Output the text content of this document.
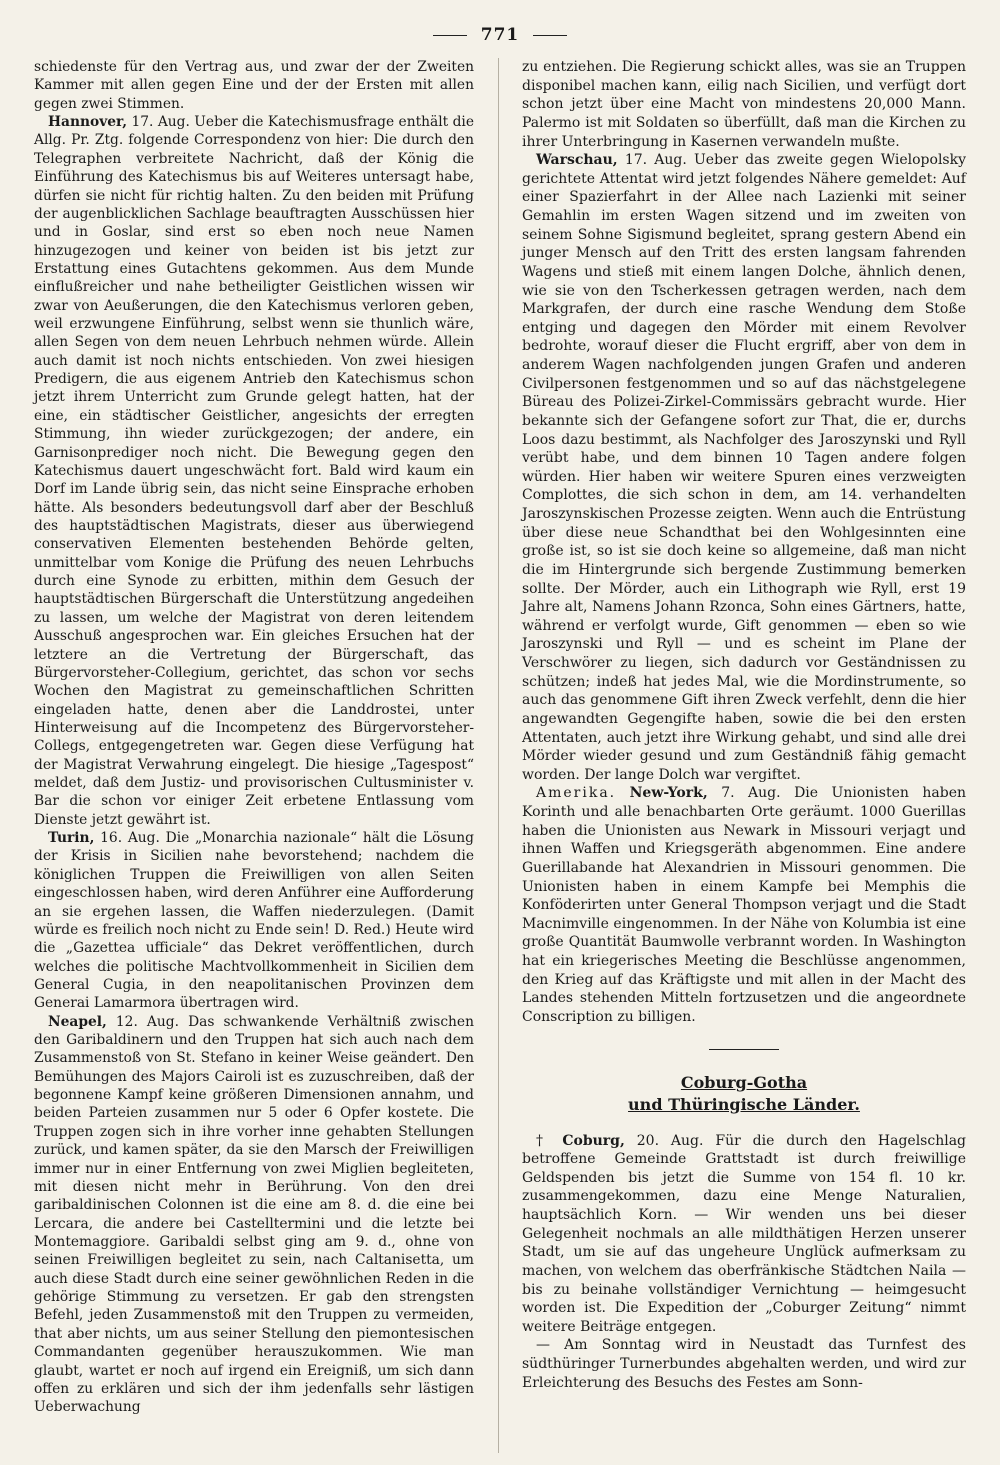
771

schiedenste für den Vertrag aus, und zwar der der Zweiten Kammer mit allen gegen Eine und der der Ersten mit allen gegen zwei Stimmen.

Hannover, 17. Aug. Ueber die Katechismusfrage enthält die Allg. Pr. Ztg. folgende Correspondenz von hier: Die durch den Telegraphen verbreitete Nachricht, daß der König die Einführung des Katechismus bis auf Weiteres untersagt habe, dürfen sie nicht für richtig halten. Zu den beiden mit Prüfung der augenblicklichen Sachlage beauftragten Ausschüssen hier und in Goslar, sind erst so eben noch neue Namen hinzugezogen und keiner von beiden ist bis jetzt zur Erstattung eines Gutachtens gekommen. Aus dem Munde einflußreicher und nahe betheiligter Geistlichen wissen wir zwar von Aeußerungen, die den Katechismus verloren geben, weil erzwungene Einführung, selbst wenn sie thunlich wäre, allen Segen von dem neuen Lehrbuch nehmen würde. Allein auch damit ist noch nichts entschieden. Von zwei hiesigen Predigern, die aus eigenem Antrieb den Katechismus schon jetzt ihrem Unterricht zum Grunde gelegt hatten, hat der eine, ein städtischer Geistlicher, angesichts der erregten Stimmung, ihn wieder zurückgezogen; der andere, ein Garnisonprediger noch nicht. Die Bewegung gegen den Katechismus dauert ungeschwächt fort. Bald wird kaum ein Dorf im Lande übrig sein, das nicht seine Einsprache erhoben hätte. Als besonders bedeutungsvoll darf aber der Beschluß des hauptstädtischen Magistrats, dieser aus überwiegend conservativen Elementen bestehenden Behörde gelten, unmittelbar vom Konige die Prüfung des neuen Lehrbuchs durch eine Synode zu erbitten, mithin dem Gesuch der hauptstädtischen Bürgerschaft die Unterstützung angedeihen zu lassen, um welche der Magistrat von deren leitendem Ausschuß angesprochen war. Ein gleiches Ersuchen hat der letztere an die Vertretung der Bürgerschaft, das Bürgervorsteher-Collegium, gerichtet, das schon vor sechs Wochen den Magistrat zu gemeinschaftlichen Schritten eingeladen hatte, denen aber die Landdrostei, unter Hinterweisung auf die Incompetenz des Bürgervorsteher-Collegs, entgegengetreten war. Gegen diese Verfügung hat der Magistrat Verwahrung eingelegt. Die hiesige „Tagespost“ meldet, daß dem Justiz- und provisorischen Cultusminister v. Bar die schon vor einiger Zeit erbetene Entlassung vom Dienste jetzt gewährt ist.

Turin, 16. Aug. Die „Monarchia nazionale“ hält die Lösung der Krisis in Sicilien nahe bevorstehend; nachdem die königlichen Truppen die Freiwilligen von allen Seiten eingeschlossen haben, wird deren Anführer eine Aufforderung an sie ergehen lassen, die Waffen niederzulegen. (Damit würde es freilich noch nicht zu Ende sein! D. Red.) Heute wird die „Gazettea ufficiale“ das Dekret veröffentlichen, durch welches die politische Machtvollkommenheit in Sicilien dem General Cugia, in den neapolitanischen Provinzen dem Generai Lamarmora übertragen wird.

Neapel, 12. Aug. Das schwankende Verhältniß zwischen den Garibaldinern und den Truppen hat sich auch nach dem Zusammenstoß von St. Stefano in keiner Weise geändert. Den Bemühungen des Majors Cairoli ist es zuzuschreiben, daß der begonnene Kampf keine größeren Dimensionen annahm, und beiden Parteien zusammen nur 5 oder 6 Opfer kostete. Die Truppen zogen sich in ihre vorher inne gehabten Stellungen zurück, und kamen später, da sie den Marsch der Freiwilligen immer nur in einer Entfernung von zwei Miglien begleiteten, mit diesen nicht mehr in Berührung. Von den drei garibaldinischen Colonnen ist die eine am 8. d. die eine bei Lercara, die andere bei Castelltermini und die letzte bei Montemaggiore. Garibaldi selbst ging am 9. d., ohne von seinen Freiwilligen begleitet zu sein, nach Caltanisetta, um auch diese Stadt durch eine seiner gewöhnlichen Reden in die gehörige Stimmung zu versetzen. Er gab den strengsten Befehl, jeden Zusammenstoß mit den Truppen zu vermeiden, that aber nichts, um aus seiner Stellung den piemontesischen Commandanten gegenüber herauszukommen. Wie man glaubt, wartet er noch auf irgend ein Ereigniß, um sich dann offen zu erklären und sich der ihm jedenfalls sehr lästigen Ueberwachung

zu entziehen. Die Regierung schickt alles, was sie an Truppen disponibel machen kann, eilig nach Sicilien, und verfügt dort schon jetzt über eine Macht von mindestens 20,000 Mann. Palermo ist mit Soldaten so überfüllt, daß man die Kirchen zu ihrer Unterbringung in Kasernen verwandeln mußte.

Warschau, 17. Aug. Ueber das zweite gegen Wielopolsky gerichtete Attentat wird jetzt folgendes Nähere gemeldet: Auf einer Spazierfahrt in der Allee nach Lazienki mit seiner Gemahlin im ersten Wagen sitzend und im zweiten von seinem Sohne Sigismund begleitet, sprang gestern Abend ein junger Mensch auf den Tritt des ersten langsam fahrenden Wagens und stieß mit einem langen Dolche, ähnlich denen, wie sie von den Tscherkessen getragen werden, nach dem Markgrafen, der durch eine rasche Wendung dem Stoße entging und dagegen den Mörder mit einem Revolver bedrohte, worauf dieser die Flucht ergriff, aber von dem in anderem Wagen nachfolgenden jungen Grafen und anderen Civilpersonen festgenommen und so auf das nächstgelegene Büreau des Polizei-Zirkel-Commissärs gebracht wurde. Hier bekannte sich der Gefangene sofort zur That, die er, durchs Loos dazu bestimmt, als Nachfolger des Jaroszynski und Ryll verübt habe, und dem binnen 10 Tagen andere folgen würden. Hier haben wir weitere Spuren eines verzweigten Complottes, die sich schon in dem, am 14. verhandelten Jaroszynskischen Prozesse zeigten. Wenn auch die Entrüstung über diese neue Schandthat bei den Wohlgesinnten eine große ist, so ist sie doch keine so allgemeine, daß man nicht die im Hintergrunde sich bergende Zustimmung bemerken sollte. Der Mörder, auch ein Lithograph wie Ryll, erst 19 Jahre alt, Namens Johann Rzonca, Sohn eines Gärtners, hatte, während er verfolgt wurde, Gift genommen — eben so wie Jaroszynski und Ryll — und es scheint im Plane der Verschwörer zu liegen, sich dadurch vor Geständnissen zu schützen; indeß hat jedes Mal, wie die Mordinstrumente, so auch das genommene Gift ihren Zweck verfehlt, denn die hier angewandten Gegengifte haben, sowie die bei den ersten Attentaten, auch jetzt ihre Wirkung gehabt, und sind alle drei Mörder wieder gesund und zum Geständniß fähig gemacht worden. Der lange Dolch war vergiftet.

Amerika. New-York, 7. Aug. Die Unionisten haben Korinth und alle benachbarten Orte geräumt. 1000 Guerillas haben die Unionisten aus Newark in Missouri verjagt und ihnen Waffen und Kriegsgeräth abgenommen. Eine andere Guerillabande hat Alexandrien in Missouri genommen. Die Unionisten haben in einem Kampfe bei Memphis die Konföderirten unter General Thompson verjagt und die Stadt Macnimville eingenommen. In der Nähe von Kolumbia ist eine große Quantität Baumwolle verbrannt worden. In Washington hat ein kriegerisches Meeting die Beschlüsse angenommen, den Krieg auf das Kräftigste und mit allen in der Macht des Landes stehenden Mitteln fortzusetzen und die angeordnete Conscription zu billigen.

Coburg-Gotha
und Thüringische Länder.

† Coburg, 20. Aug. Für die durch den Hagelschlag betroffene Gemeinde Grattstadt ist durch freiwillige Geldspenden bis jetzt die Summe von 154 fl. 10 kr. zusammengekommen, dazu eine Menge Naturalien, hauptsächlich Korn. — Wir wenden uns bei dieser Gelegenheit nochmals an alle mildthätigen Herzen unserer Stadt, um sie auf das ungeheure Unglück aufmerksam zu machen, von welchem das oberfränkische Städtchen Naila — bis zu beinahe vollständiger Vernichtung — heimgesucht worden ist. Die Expedition der „Coburger Zeitung“ nimmt weitere Beiträge entgegen.

— Am Sonntag wird in Neustadt das Turnfest des südthüringer Turnerbundes abgehalten werden, und wird zur Erleichterung des Besuchs des Festes am Sonn-
